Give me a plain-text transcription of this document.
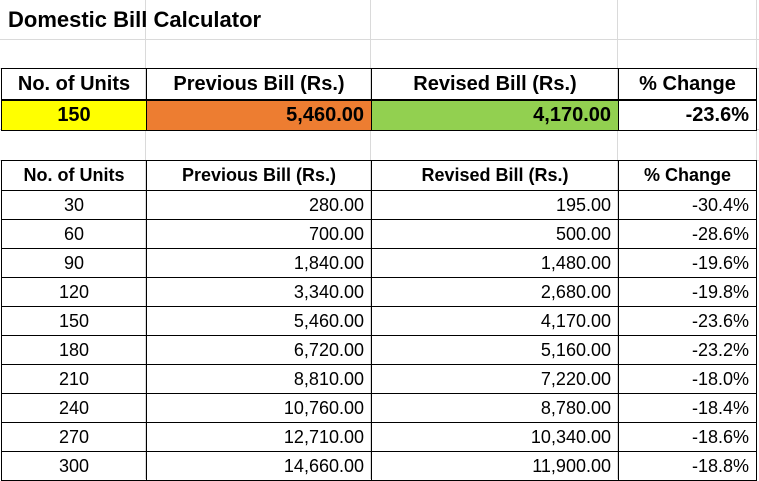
Domestic Bill Calculator
No. of Units	Previous Bill (Rs.)	Revised Bill (Rs.)	% Change
150	5,460.00	4,170.00	-23.6%
No. of Units	Previous Bill (Rs.)	Revised Bill (Rs.)	% Change
30	280.00	195.00	-30.4%
60	700.00	500.00	-28.6%
90	1,840.00	1,480.00	-19.6%
120	3,340.00	2,680.00	-19.8%
150	5,460.00	4,170.00	-23.6%
180	6,720.00	5,160.00	-23.2%
210	8,810.00	7,220.00	-18.0%
240	10,760.00	8,780.00	-18.4%
270	12,710.00	10,340.00	-18.6%
300	14,660.00	11,900.00	-18.8%
